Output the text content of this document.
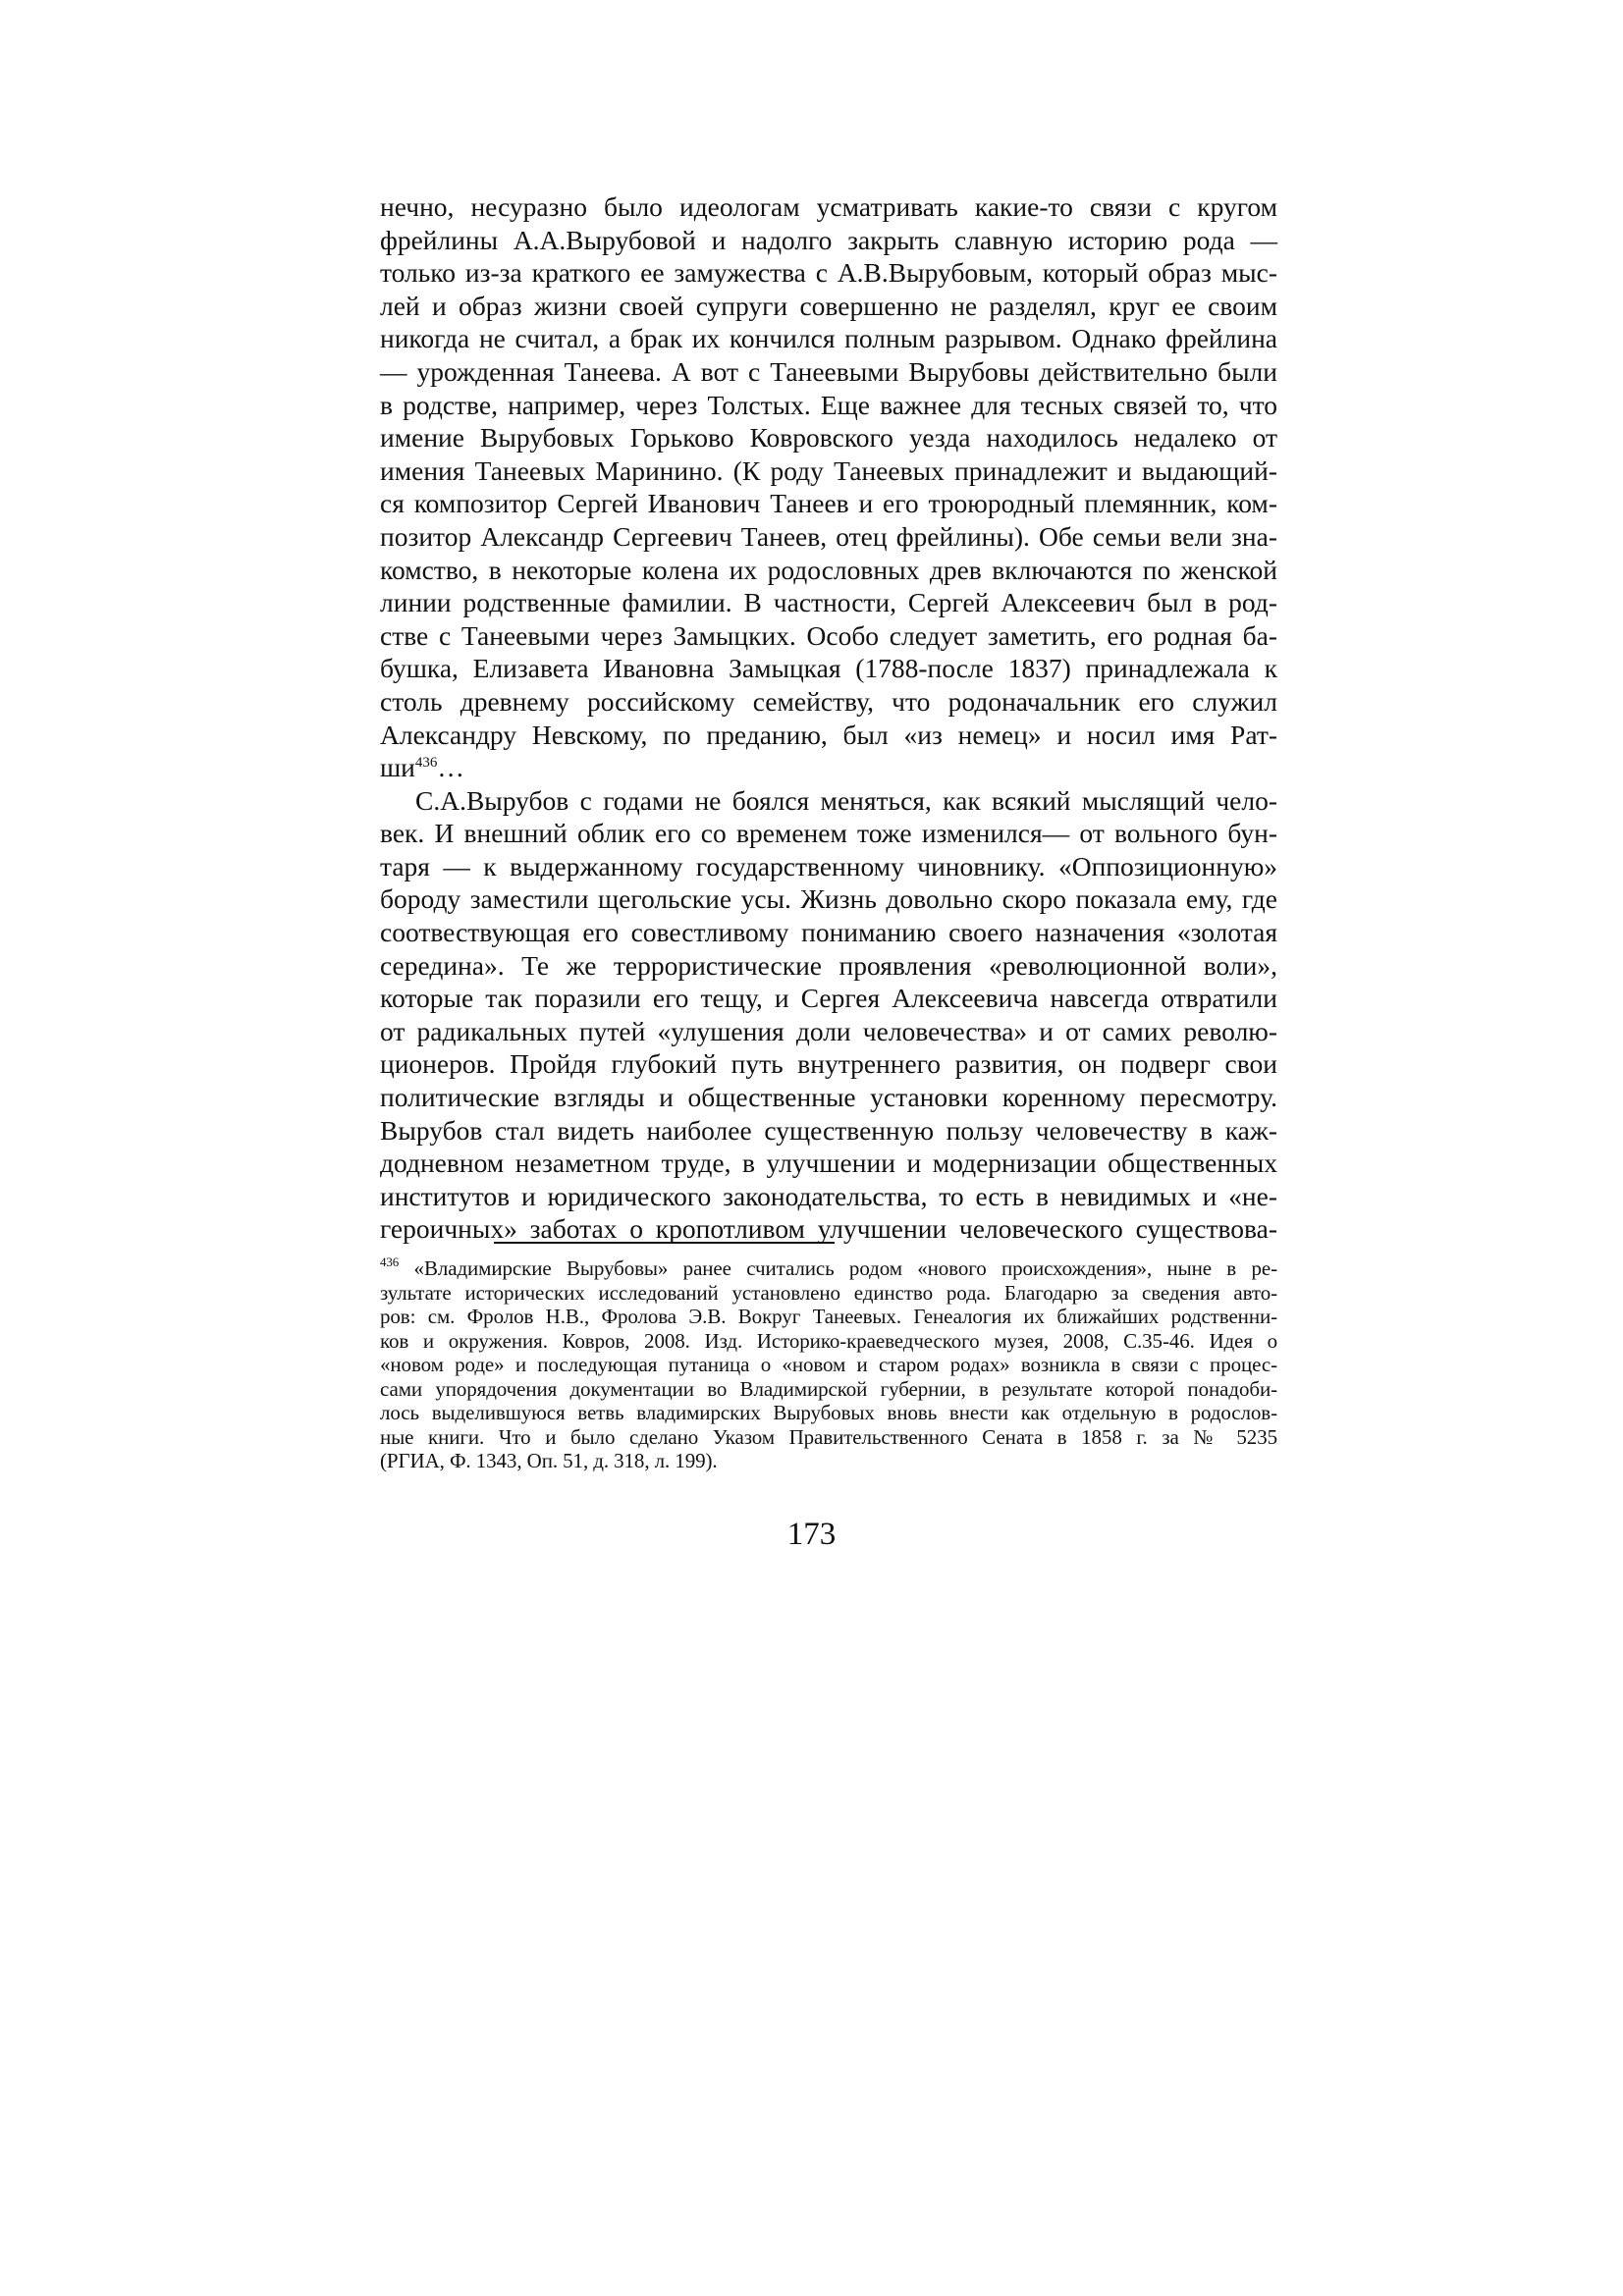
нечно, несуразно было идеологам усматривать какие-то связи с кругом
фрейлины А.А.Вырубовой и надолго закрыть славную историю рода —
только из-за краткого ее замужества с А.В.Вырубовым, который образ мыс-
лей и образ жизни своей супруги совершенно не разделял, круг ее своим
никогда не считал, а брак их кончился полным разрывом. Однако фрейлина
— урожденная Танеева. А вот с Танеевыми Вырубовы действительно были
в родстве, например, через Толстых. Еще важнее для тесных связей то, что
имение Вырубовых Горьково Ковровского уезда находилось недалеко от
имения Танеевых Маринино. (К роду Танеевых принадлежит и выдающий-
ся композитор Сергей Иванович Танеев и его троюродный племянник, ком-
позитор Александр Сергеевич Танеев, отец фрейлины). Обе семьи вели зна-
комство, в некоторые колена их родословных древ включаются по женской
линии родственные фамилии. В частности, Сергей Алексеевич был в род-
стве с Танеевыми через Замыцких. Особо следует заметить, его родная ба-
бушка, Елизавета Ивановна Замыцкая (1788-после 1837) принадлежала к
столь древнему российскому семейству, что родоначальник его служил
Александру Невскому, по преданию, был «из немец» и носил имя Рат-
ши$^{436}$…

С.А.Вырубов с годами не боялся меняться, как всякий мыслящий чело-
век. И внешний облик его со временем тоже изменился— от вольного бун-
таря — к выдержанному государственному чиновнику. «Оппозиционную»
бороду заместили щегольские усы. Жизнь довольно скоро показала ему, где
соотвествующая его совестливому пониманию своего назначения «золотая
середина». Те же террористические проявления «революционной воли»,
которые так поразили его тещу, и Сергея Алексеевича навсегда отвратили
от радикальных путей «улушения доли человечества» и от самих револю-
ционеров. Пройдя глубокий путь внутреннего развития, он подверг свои
политические взгляды и общественные установки коренному пересмотру.
Вырубов стал видеть наиболее существенную пользу человечеству в каж-
додневном незаметном труде, в улучшении и модернизации общественных
институтов и юридического законодательства, то есть в невидимых и «не-
героичных» заботах о кропотливом улучшении человеческого существова-

$^{436}$ «Владимирские Вырубовы» ранее считались родом «нового происхождения», ныне в ре-
зультате исторических исследований установлено единство рода. Благодарю за сведения авто-
ров: см. Фролов Н.В., Фролова Э.В. Вокруг Танеевых. Генеалогия их ближайших родственни-
ков и окружения. Ковров, 2008. Изд. Историко-краеведческого музея, 2008, С.35-46. Идея о
«новом роде» и последующая путаница о «новом и старом родах» возникла в связи с процес-
сами упорядочения документации во Владимирской губернии, в результате которой понадоби-
лось выделившуюся ветвь владимирских Вырубовых вновь внести как отдельную в родослов-
ные книги. Что и было сделано Указом Правительственного Сената в 1858 г. за № 5235
(РГИА, Ф. 1343, Оп. 51, д. 318, л. 199).
173
